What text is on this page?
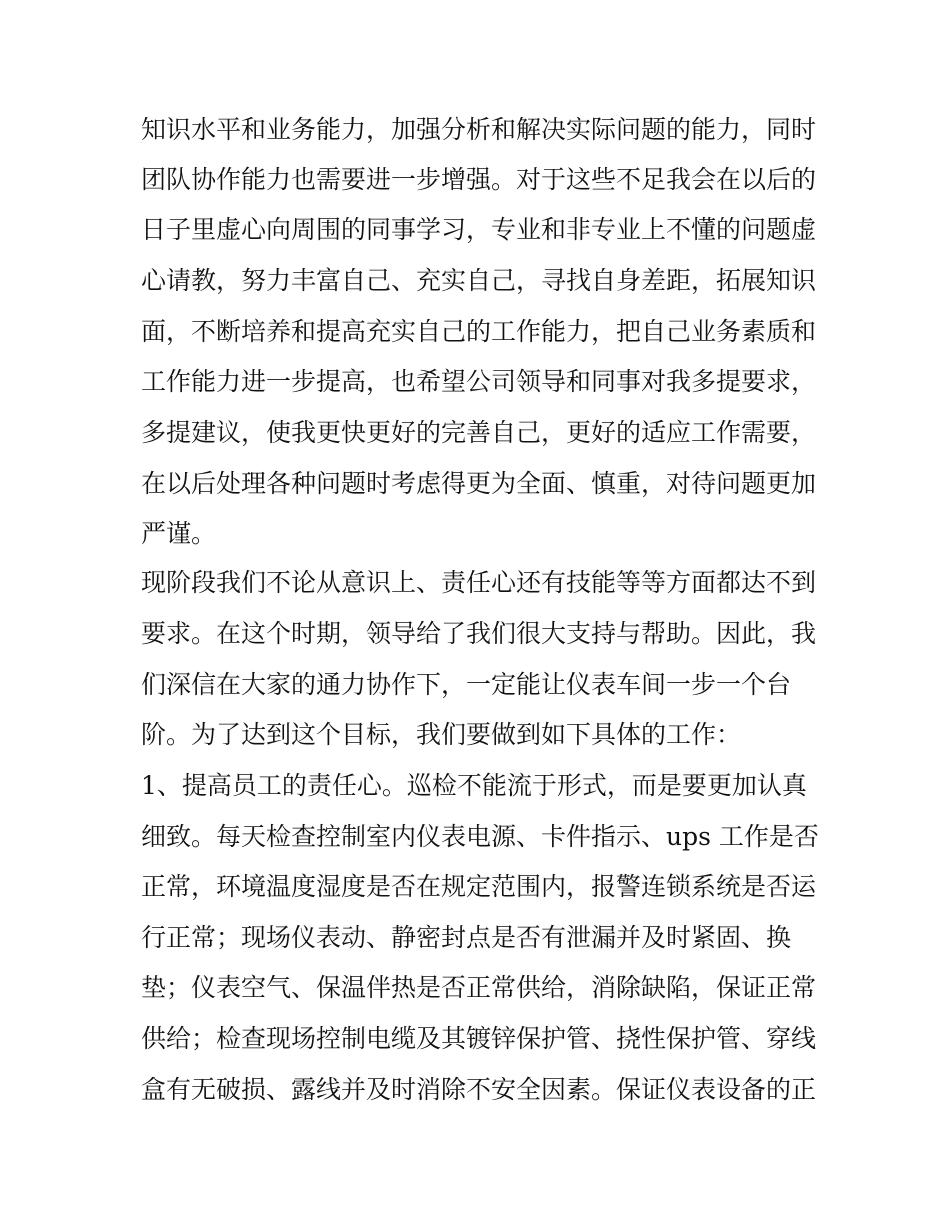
知识水平和业务能力，加强分析和解决实际问题的能力，同时
团队协作能力也需要进一步增强。对于这些不足我会在以后的
日子里虚心向周围的同事学习，专业和非专业上不懂的问题虚
心请教，努力丰富自己、充实自己，寻找自身差距，拓展知识
面，不断培养和提高充实自己的工作能力，把自己业务素质和
工作能力进一步提高，也希望公司领导和同事对我多提要求，
多提建议，使我更快更好的完善自己，更好的适应工作需要，
在以后处理各种问题时考虑得更为全面、慎重，对待问题更加
严谨。
现阶段我们不论从意识上、责任心还有技能等等方面都达不到
要求。在这个时期，领导给了我们很大支持与帮助。因此，我
们深信在大家的通力协作下，一定能让仪表车间一步一个台
阶。为了达到这个目标，我们要做到如下具体的工作：
1、提高员工的责任心。巡检不能流于形式，而是要更加认真
细致。每天检查控制室内仪表电源、卡件指示、ups 工作是否
正常，环境温度湿度是否在规定范围内，报警连锁系统是否运
行正常；现场仪表动、静密封点是否有泄漏并及时紧固、换
垫；仪表空气、保温伴热是否正常供给，消除缺陷，保证正常
供给；检查现场控制电缆及其镀锌保护管、挠性保护管、穿线
盒有无破损、露线并及时消除不安全因素。保证仪表设备的正
